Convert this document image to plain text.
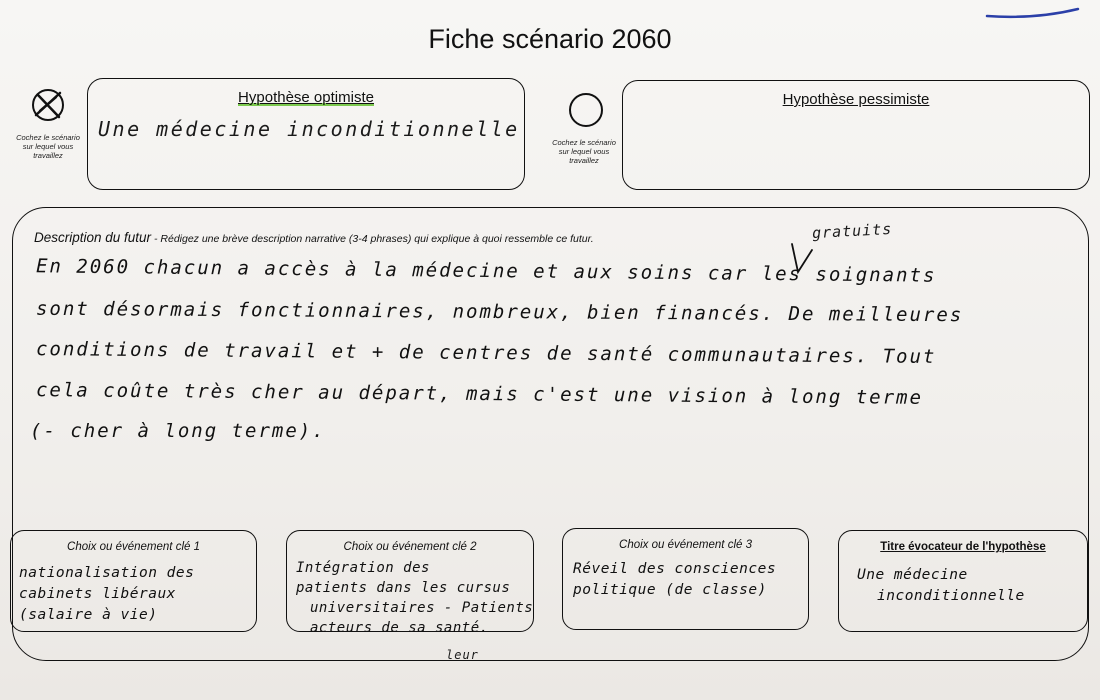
Fiche scénario 2060
Cochez le scénario
sur lequel vous
travaillez
Hypothèse optimiste
Une médecine inconditionnelle
Cochez le scénario
sur lequel vous
travaillez
Hypothèse pessimiste
Description du futur - Rédigez une brève description narrative (3-4 phrases) qui explique à quoi ressemble ce futur.	gratuits
En 2060 chacun a accès à la médecine et aux soins car les soignants
sont désormais fonctionnaires, nombreux, bien financés. De meilleures
conditions de travail et + de centres de santé communautaires. Tout
cela coûte très cher au départ, mais c'est une vision à long terme
(- cher à long terme).
Choix ou événement clé 1
nationalisation des
cabinets libéraux
(salaire à vie)
Choix ou événement clé 2
Intégration des
patients dans les cursus
universitaires - Patients
acteurs de sa santé.
leur
Choix ou événement clé 3
Réveil des consciences
politique (de classe)
Titre évocateur de l'hypothèse
Une médecine
inconditionnelle
